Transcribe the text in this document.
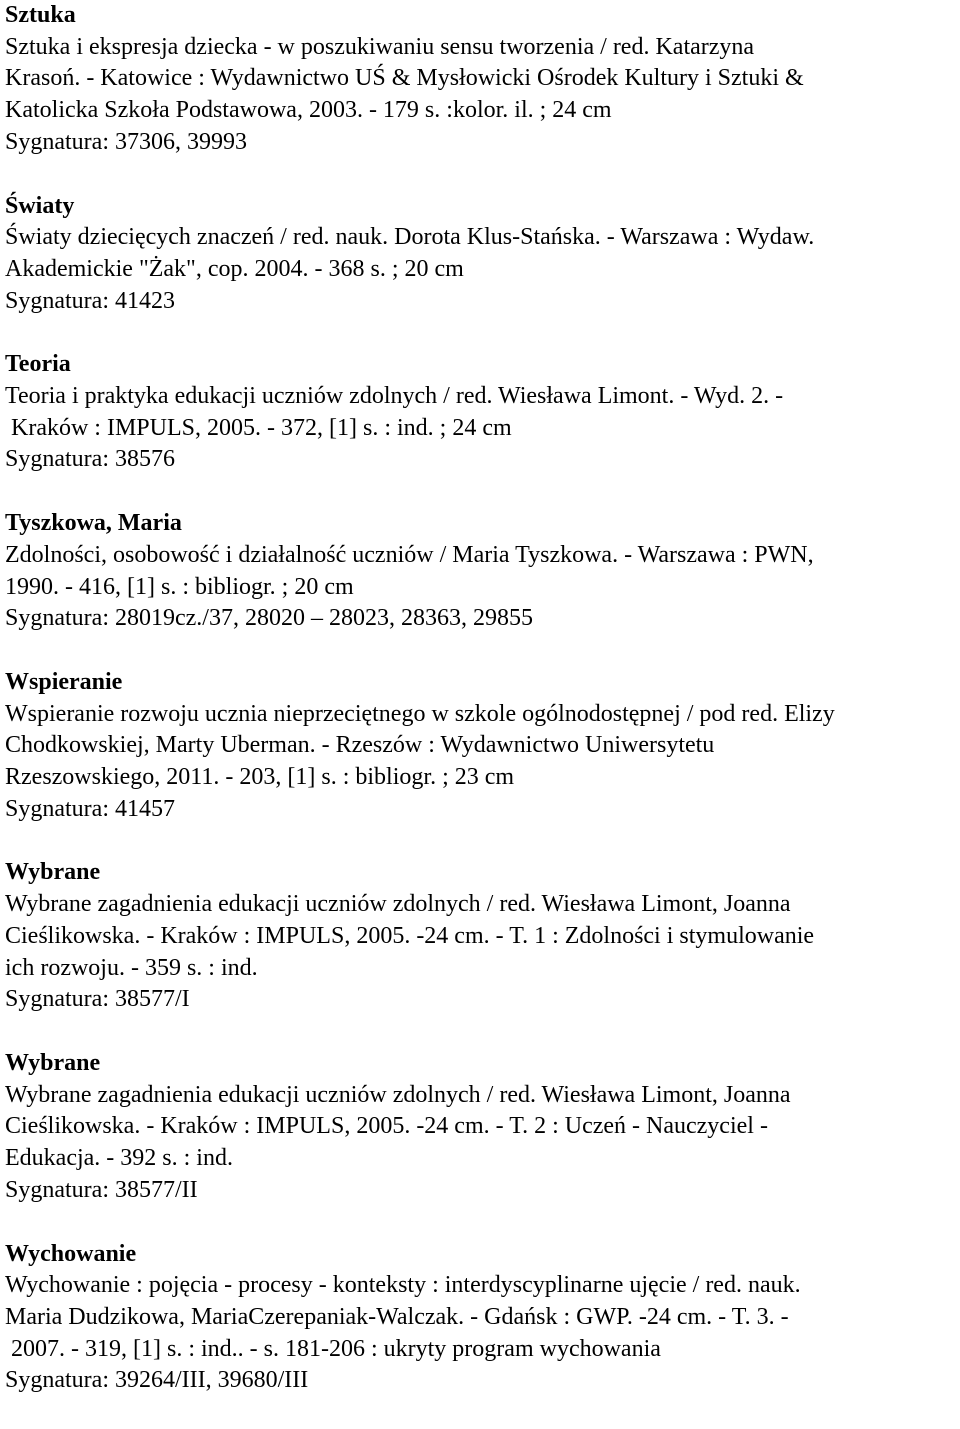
Sztuka
Sztuka i ekspresja dziecka - w poszukiwaniu sensu tworzenia / red. Katarzyna
Krasoń. - Katowice : Wydawnictwo UŚ & Mysłowicki Ośrodek Kultury i Sztuki &
Katolicka Szkoła Podstawowa, 2003. - 179 s. :kolor. il. ; 24 cm
Sygnatura: 37306, 39993
Światy
Światy dziecięcych znaczeń / red. nauk. Dorota Klus-Stańska. - Warszawa : Wydaw.
Akademickie "Żak", cop. 2004. - 368 s. ; 20 cm
Sygnatura: 41423
Teoria
Teoria i praktyka edukacji uczniów zdolnych / red. Wiesława Limont. - Wyd. 2. -
Kraków : IMPULS, 2005. - 372, [1] s. : ind. ; 24 cm
Sygnatura: 38576
Tyszkowa, Maria
Zdolności, osobowość i działalność uczniów / Maria Tyszkowa. - Warszawa : PWN,
1990. - 416, [1] s. : bibliogr. ; 20 cm
Sygnatura: 28019cz./37, 28020 – 28023, 28363, 29855
Wspieranie
Wspieranie rozwoju ucznia nieprzeciętnego w szkole ogólnodostępnej / pod red. Elizy
Chodkowskiej, Marty Uberman. - Rzeszów : Wydawnictwo Uniwersytetu
Rzeszowskiego, 2011. - 203, [1] s. : bibliogr. ; 23 cm
Sygnatura: 41457
Wybrane
Wybrane zagadnienia edukacji uczniów zdolnych / red. Wiesława Limont, Joanna
Cieślikowska. - Kraków : IMPULS, 2005. -24 cm. - T. 1 : Zdolności i stymulowanie
ich rozwoju. - 359 s. : ind.
Sygnatura: 38577/I
Wybrane
Wybrane zagadnienia edukacji uczniów zdolnych / red. Wiesława Limont, Joanna
Cieślikowska. - Kraków : IMPULS, 2005. -24 cm. - T. 2 : Uczeń - Nauczyciel -
Edukacja. - 392 s. : ind.
Sygnatura: 38577/II
Wychowanie
Wychowanie : pojęcia - procesy - konteksty : interdyscyplinarne ujęcie / red. nauk.
Maria Dudzikowa, MariaCzerepaniak-Walczak. - Gdańsk : GWP. -24 cm. - T. 3. -
2007. - 319, [1] s. : ind.. - s. 181-206 : ukryty program wychowania
Sygnatura: 39264/III, 39680/III
